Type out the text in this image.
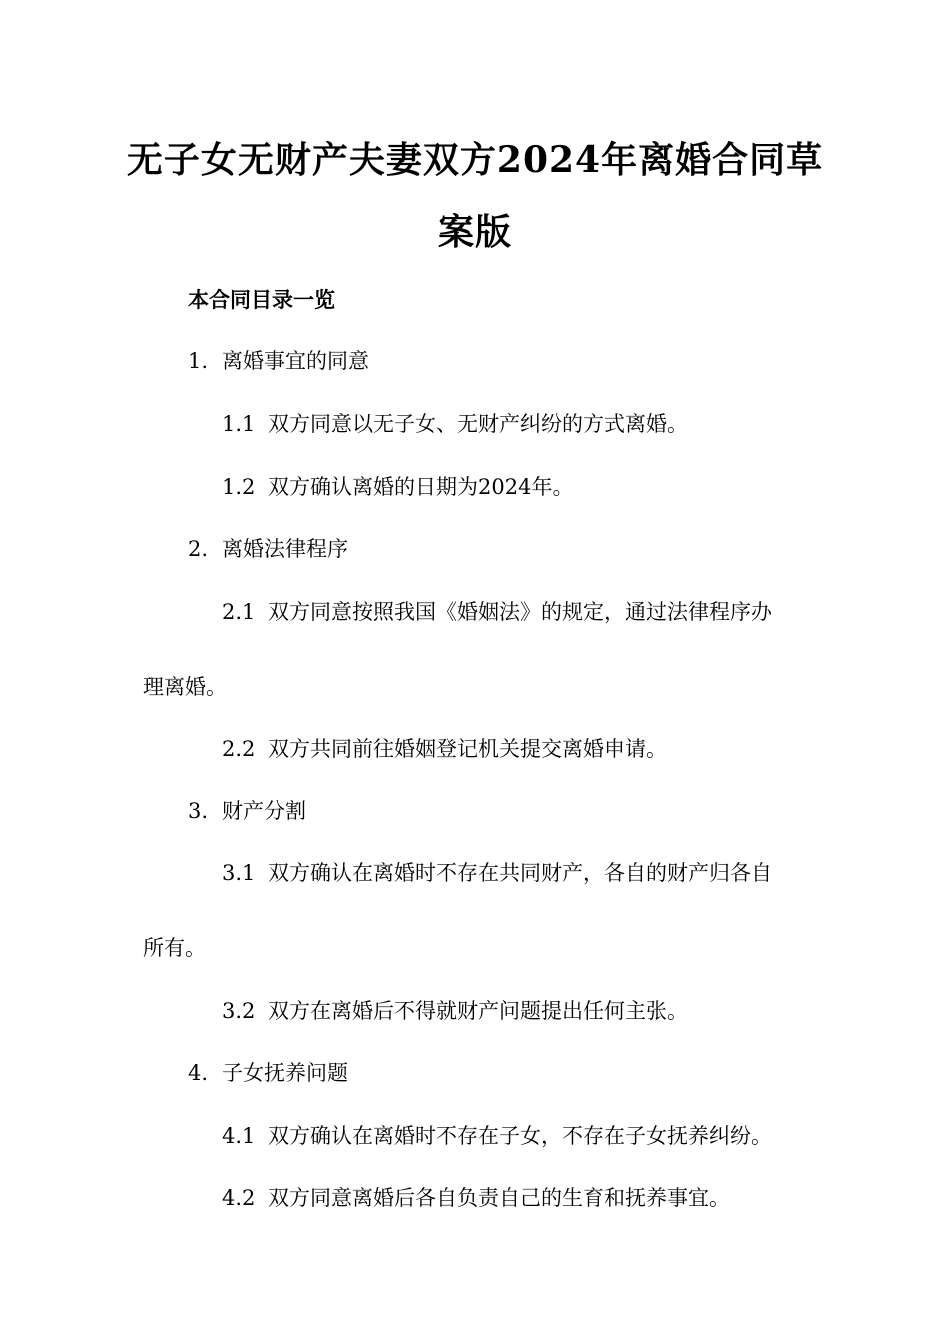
无子女无财产夫妻双方2024年离婚合同草
案版
本合同目录一览
1. 离婚事宜的同意
1.1 双方同意以无子女、无财产纠纷的方式离婚。
1.2 双方确认离婚的日期为2024年。
2. 离婚法律程序
2.1 双方同意按照我国《婚姻法》的规定，通过法律程序办
理离婚。
2.2 双方共同前往婚姻登记机关提交离婚申请。
3. 财产分割
3.1 双方确认在离婚时不存在共同财产，各自的财产归各自
所有。
3.2 双方在离婚后不得就财产问题提出任何主张。
4. 子女抚养问题
4.1 双方确认在离婚时不存在子女，不存在子女抚养纠纷。
4.2 双方同意离婚后各自负责自己的生育和抚养事宜。
